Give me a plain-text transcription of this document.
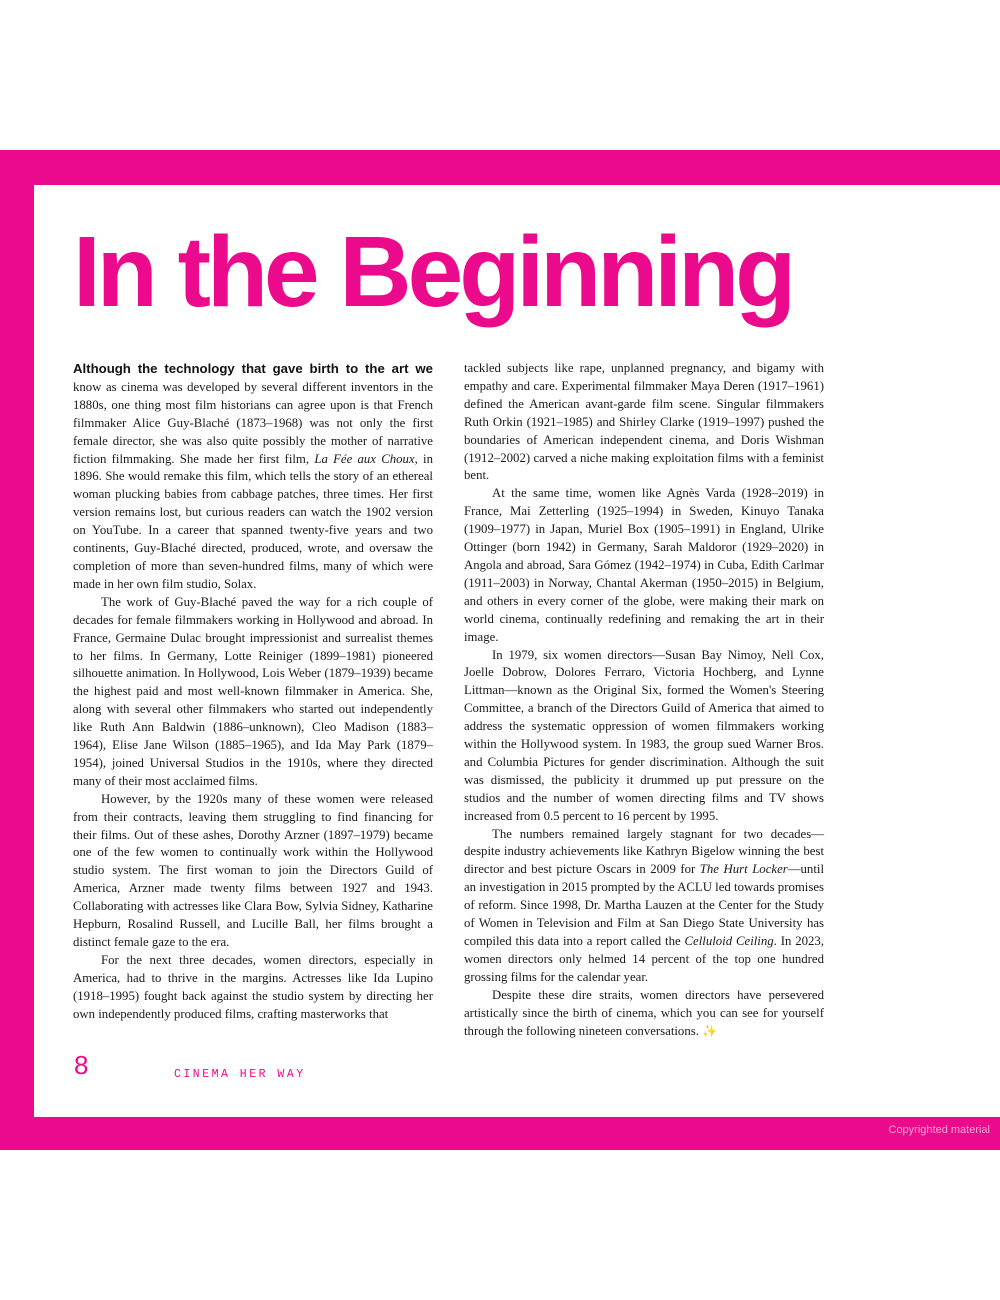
In the Beginning

Although the technology that gave birth to the art we know as cinema was developed by several different inventors in the 1880s, one thing most film historians can agree upon is that French filmmaker Alice Guy-Blaché (1873–1968) was not only the first female director, she was also quite possibly the mother of narrative fiction filmmaking. She made her first film, La Fée aux Choux, in 1896. She would remake this film, which tells the story of an ethereal woman plucking babies from cabbage patches, three times. Her first version remains lost, but curious readers can watch the 1902 version on YouTube. In a career that spanned twenty-five years and two continents, Guy-Blaché directed, produced, wrote, and oversaw the completion of more than seven-hundred films, many of which were made in her own film studio, Solax.

The work of Guy-Blaché paved the way for a rich couple of decades for female filmmakers working in Hollywood and abroad. In France, Germaine Dulac brought impressionist and surrealist themes to her films. In Germany, Lotte Reiniger (1899–1981) pioneered silhouette animation. In Hollywood, Lois Weber (1879–1939) became the highest paid and most well-known filmmaker in America. She, along with several other filmmakers who started out independently like Ruth Ann Baldwin (1886–unknown), Cleo Madison (1883–1964), Elise Jane Wilson (1885–1965), and Ida May Park (1879–1954), joined Universal Studios in the 1910s, where they directed many of their most acclaimed films.

However, by the 1920s many of these women were released from their contracts, leaving them struggling to find financing for their films. Out of these ashes, Dorothy Arzner (1897–1979) became one of the few women to continually work within the Hollywood studio system. The first woman to join the Directors Guild of America, Arzner made twenty films between 1927 and 1943. Collaborating with actresses like Clara Bow, Sylvia Sidney, Katharine Hepburn, Rosalind Russell, and Lucille Ball, her films brought a distinct female gaze to the era.

For the next three decades, women directors, especially in America, had to thrive in the margins. Actresses like Ida Lupino (1918–1995) fought back against the studio system by directing her own independently produced films, crafting masterworks that

tackled subjects like rape, unplanned pregnancy, and bigamy with empathy and care. Experimental filmmaker Maya Deren (1917–1961) defined the American avant-garde film scene. Singular filmmakers Ruth Orkin (1921–1985) and Shirley Clarke (1919–1997) pushed the boundaries of American independent cinema, and Doris Wishman (1912–2002) carved a niche making exploitation films with a feminist bent.

At the same time, women like Agnès Varda (1928–2019) in France, Mai Zetterling (1925–1994) in Sweden, Kinuyo Tanaka (1909–1977) in Japan, Muriel Box (1905–1991) in England, Ulrike Ottinger (born 1942) in Germany, Sarah Maldoror (1929–2020) in Angola and abroad, Sara Gómez (1942–1974) in Cuba, Edith Carlmar (1911–2003) in Norway, Chantal Akerman (1950–2015) in Belgium, and others in every corner of the globe, were making their mark on world cinema, continually redefining and remaking the art in their image.

In 1979, six women directors—Susan Bay Nimoy, Nell Cox, Joelle Dobrow, Dolores Ferraro, Victoria Hochberg, and Lynne Littman—known as the Original Six, formed the Women's Steering Committee, a branch of the Directors Guild of America that aimed to address the systematic oppression of women filmmakers working within the Hollywood system. In 1983, the group sued Warner Bros. and Columbia Pictures for gender discrimination. Although the suit was dismissed, the publicity it drummed up put pressure on the studios and the number of women directing films and TV shows increased from 0.5 percent to 16 percent by 1995.

The numbers remained largely stagnant for two decades—despite industry achievements like Kathryn Bigelow winning the best director and best picture Oscars in 2009 for The Hurt Locker—until an investigation in 2015 prompted by the ACLU led towards promises of reform. Since 1998, Dr. Martha Lauzen at the Center for the Study of Women in Television and Film at San Diego State University has compiled this data into a report called the Celluloid Ceiling. In 2023, women directors only helmed 14 percent of the top one hundred grossing films for the calendar year.

Despite these dire straits, women directors have persevered artistically since the birth of cinema, which you can see for yourself through the following nineteen conversations. ✨

8	CINEMA HER WAY
Copyrighted material
